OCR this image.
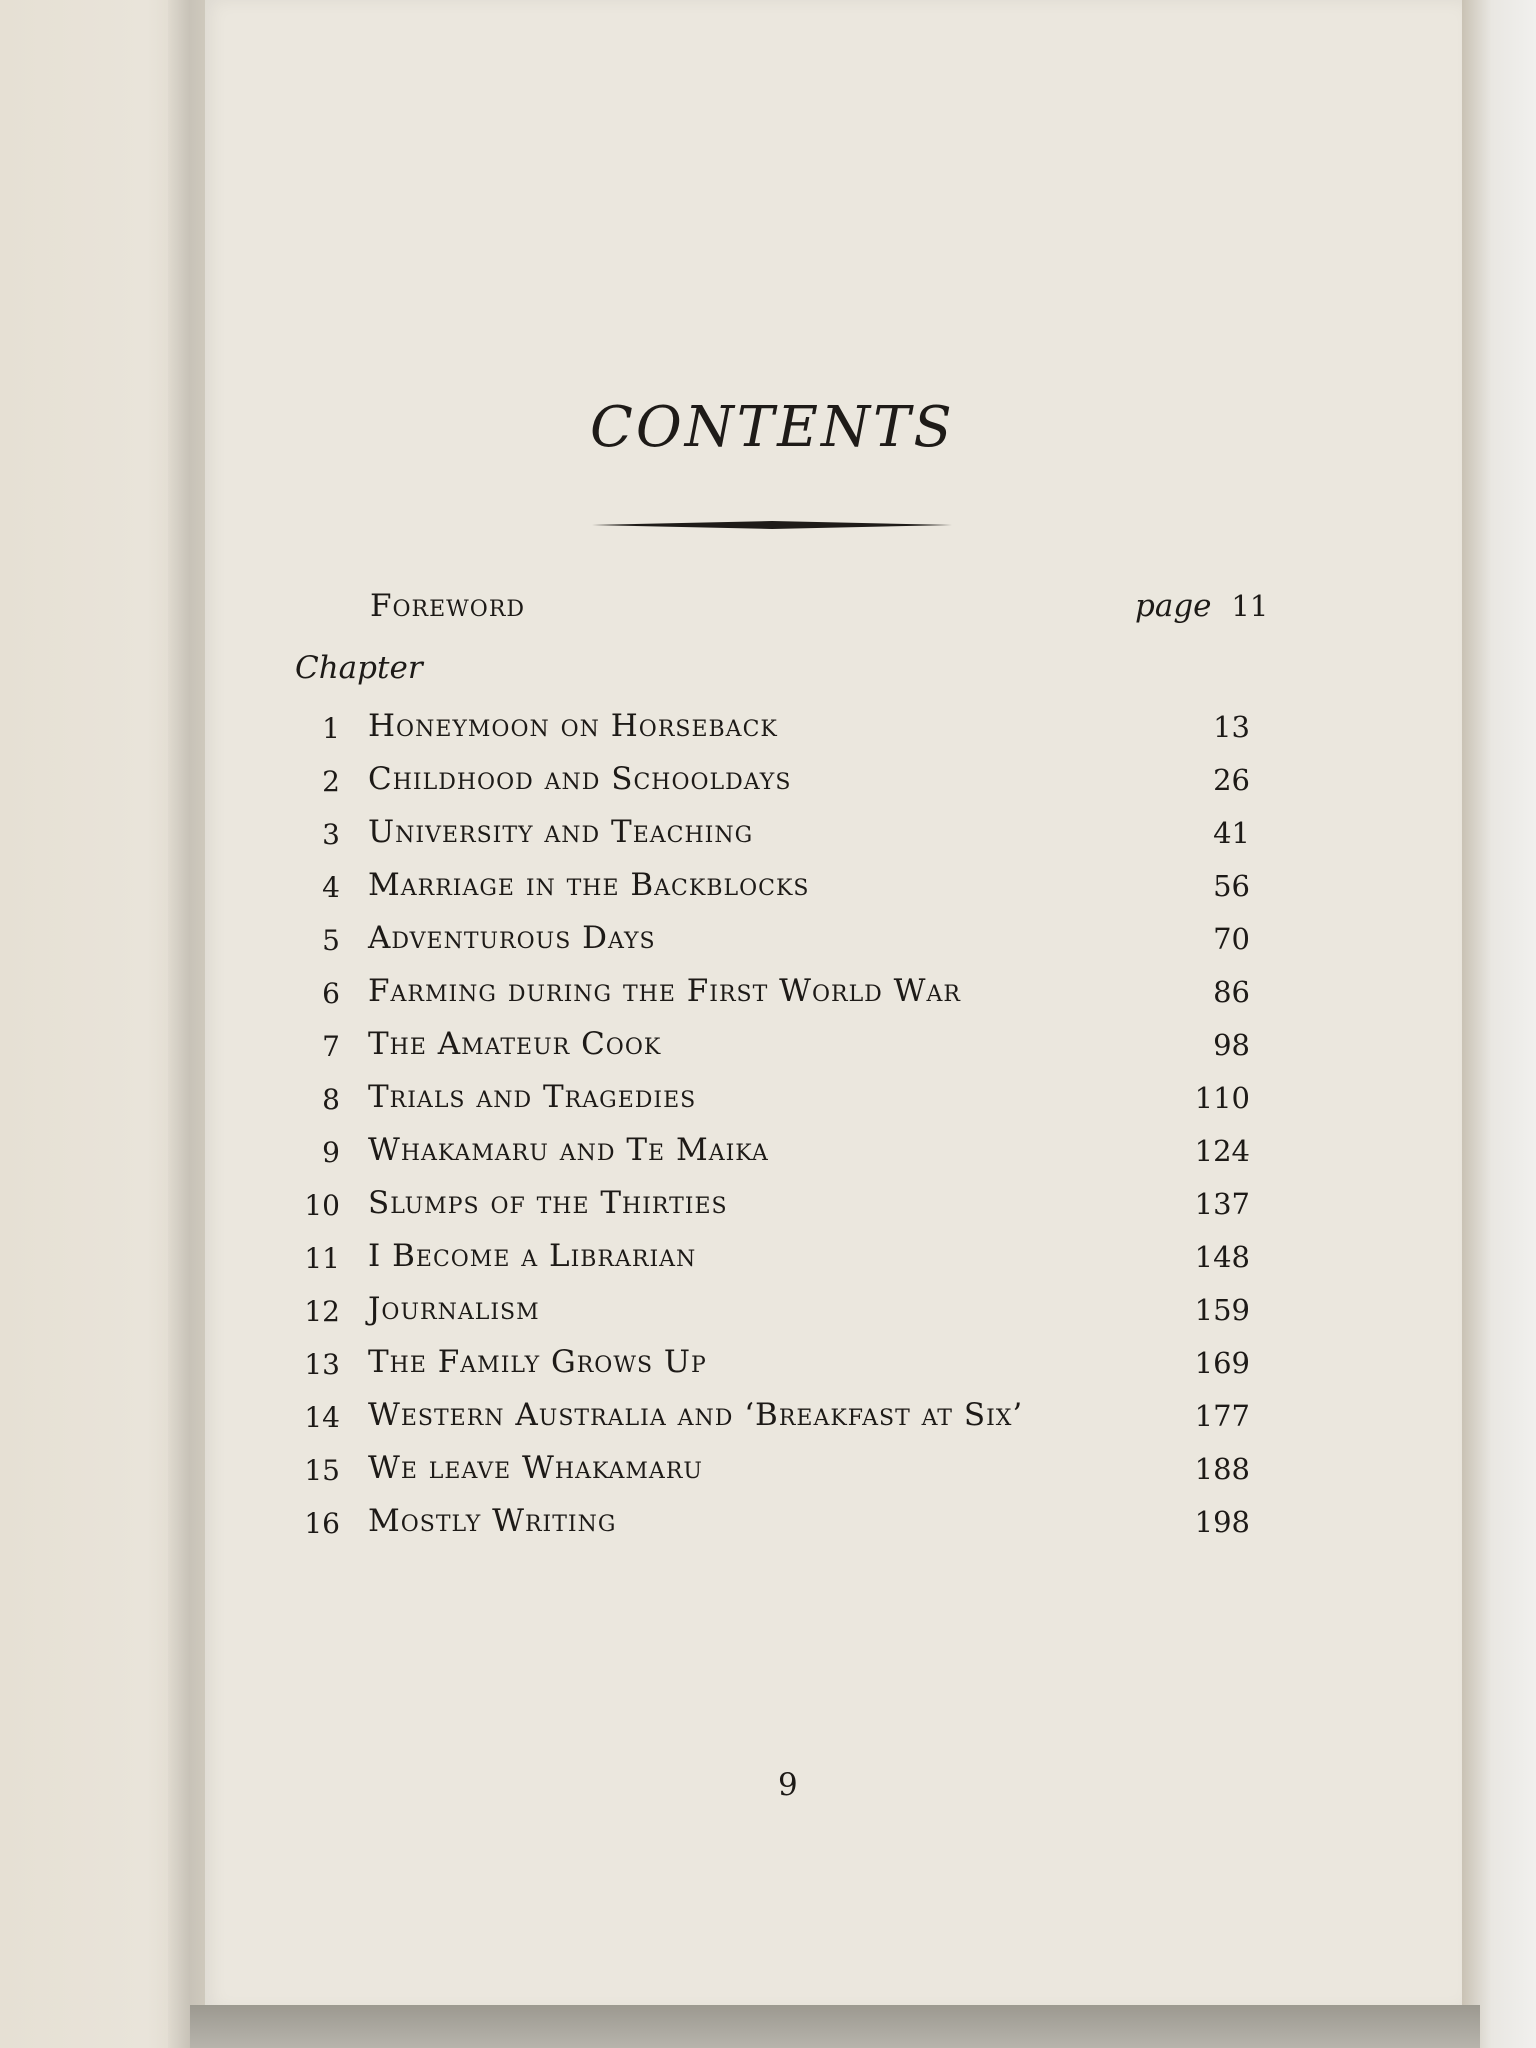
CONTENTS
Foreword	page 11
Chapter
1 Honeymoon on Horseback	13
2 Childhood and Schooldays	26
3 University and Teaching	41
4 Marriage in the Backblocks	56
5 Adventurous Days	70
6 Farming during the First World War	86
7 The Amateur Cook	98
8 Trials and Tragedies	110
9 Whakamaru and Te Maika	124
10 Slumps of the Thirties	137
11 I Become a Librarian	148
12 Journalism	159
13 The Family Grows Up	169
14 Western Australia and ‘Breakfast at Six’	177
15 We leave Whakamaru	188
16 Mostly Writing	198
9
